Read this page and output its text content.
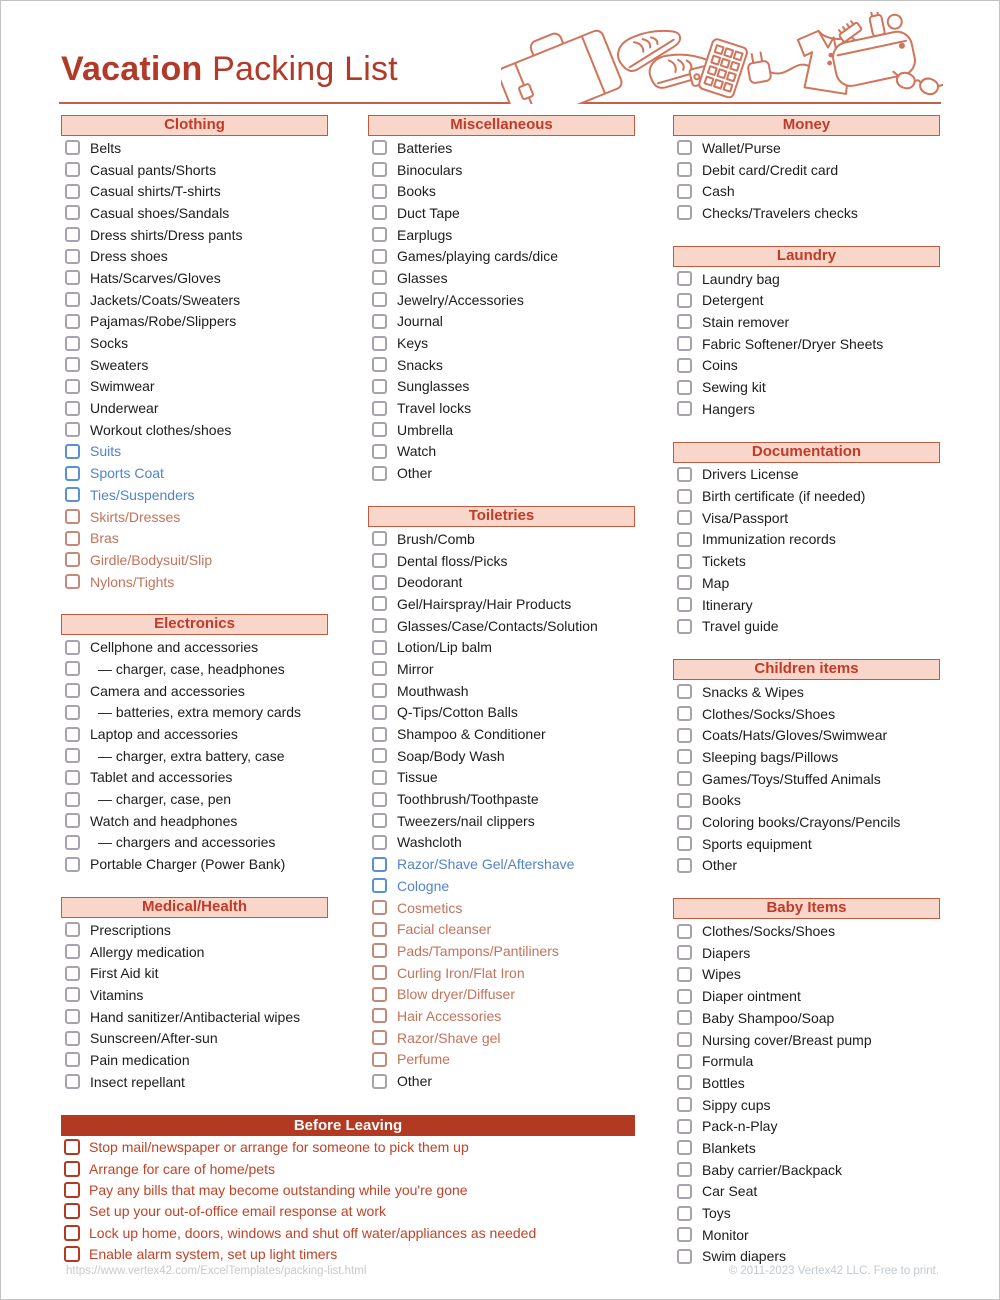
Vacation Packing List
Clothing
Belts
Casual pants/Shorts
Casual shirts/T-shirts
Casual shoes/Sandals
Dress shirts/Dress pants
Dress shoes
Hats/Scarves/Gloves
Jackets/Coats/Sweaters
Pajamas/Robe/Slippers
Socks
Sweaters
Swimwear
Underwear
Workout clothes/shoes
Suits
Sports Coat
Ties/Suspenders
Skirts/Dresses
Bras
Girdle/Bodysuit/Slip
Nylons/Tights
Electronics
Cellphone and accessories
— charger, case, headphones
Camera and accessories
— batteries, extra memory cards
Laptop and accessories
— charger, extra battery, case
Tablet and accessories
— charger, case, pen
Watch and headphones
— chargers and accessories
Portable Charger (Power Bank)
Medical/Health
Prescriptions
Allergy medication
First Aid kit
Vitamins
Hand sanitizer/Antibacterial wipes
Sunscreen/After-sun
Pain medication
Insect repellant
Miscellaneous
Batteries
Binoculars
Books
Duct Tape
Earplugs
Games/playing cards/dice
Glasses
Jewelry/Accessories
Journal
Keys
Snacks
Sunglasses
Travel locks
Umbrella
Watch
Other
Toiletries
Brush/Comb
Dental floss/Picks
Deodorant
Gel/Hairspray/Hair Products
Glasses/Case/Contacts/Solution
Lotion/Lip balm
Mirror
Mouthwash
Q-Tips/Cotton Balls
Shampoo & Conditioner
Soap/Body Wash
Tissue
Toothbrush/Toothpaste
Tweezers/nail clippers
Washcloth
Razor/Shave Gel/Aftershave
Cologne
Cosmetics
Facial cleanser
Pads/Tampons/Pantiliners
Curling Iron/Flat Iron
Blow dryer/Diffuser
Hair Accessories
Razor/Shave gel
Perfume
Other
Before Leaving
Stop mail/newspaper or arrange for someone to pick them up
Arrange for care of home/pets
Pay any bills that may become outstanding while you're gone
Set up your out-of-office email response at work
Lock up home, doors, windows and shut off water/appliances as needed
Enable alarm system, set up light timers
Money
Wallet/Purse
Debit card/Credit card
Cash
Checks/Travelers checks
Laundry
Laundry bag
Detergent
Stain remover
Fabric Softener/Dryer Sheets
Coins
Sewing kit
Hangers
Documentation
Drivers License
Birth certificate (if needed)
Visa/Passport
Immunization records
Tickets
Map
Itinerary
Travel guide
Children items
Snacks & Wipes
Clothes/Socks/Shoes
Coats/Hats/Gloves/Swimwear
Sleeping bags/Pillows
Games/Toys/Stuffed Animals
Books
Coloring books/Crayons/Pencils
Sports equipment
Other
Baby Items
Clothes/Socks/Shoes
Diapers
Wipes
Diaper ointment
Baby Shampoo/Soap
Nursing cover/Breast pump
Formula
Bottles
Sippy cups
Pack-n-Play
Blankets
Baby carrier/Backpack
Car Seat
Toys
Monitor
Swim diapers
https://www.vertex42.com/ExcelTemplates/packing-list.html	© 2011-2023 Vertex42 LLC. Free to print.
